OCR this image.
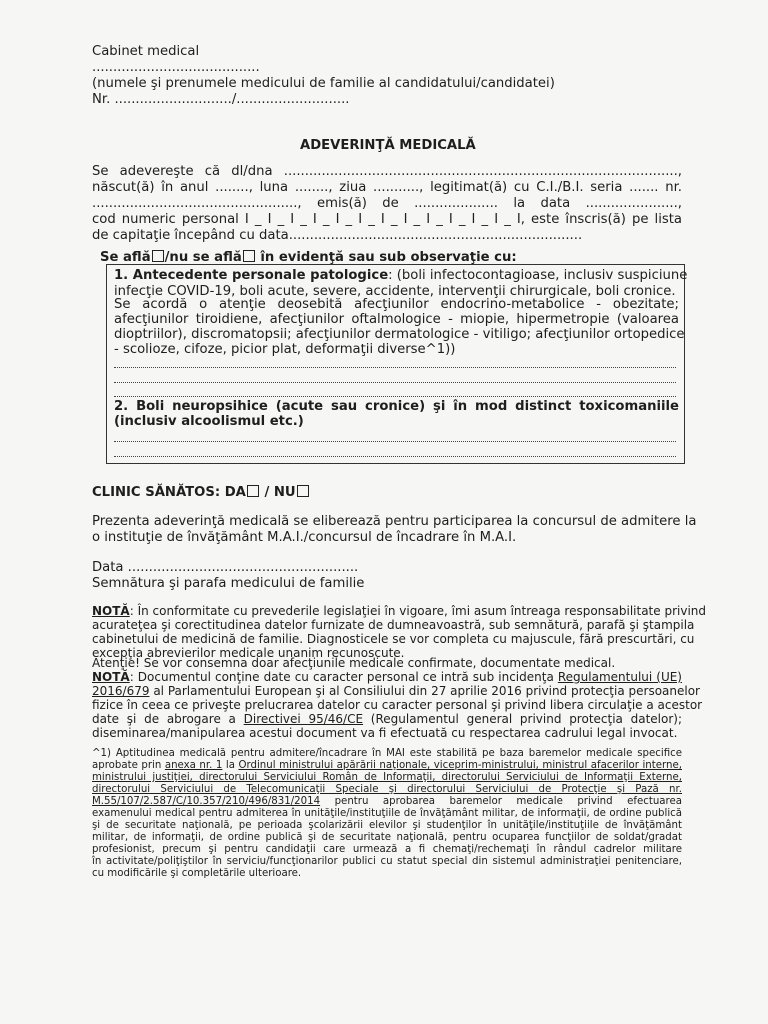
Cabinet medical
........................................
(numele şi prenumele medicului de familie al candidatului/candidatei)
Nr. ............................/...........................
ADEVERINŢĂ MEDICALĂ
Se adevereşte că dl/dna ..............................................................................................,
născut(ă) în anul ........, luna ........, ziua ..........., legitimat(ă) cu C.I./B.I. seria ....... nr.
................................................., emis(ă) de .................... la data ......................,
cod numeric personal I _ I _ I _ I _ I _ I _ I _ I _ I _ I _ I _ I _ I, este înscris(ă) pe lista
de capitaţie începând cu data......................................................................
Se află /nu se află în evidenţă sau sub observaţie cu:
1. Antecedente personale patologice: (boli infectocontagioase, inclusiv suspiciune
infecţie COVID-19, boli acute, severe, accidente, intervenţii chirurgicale, boli cronice.
Se acordă o atenţie deosebită afecţiunilor endocrino-metabolice - obezitate;
afecţiunilor tiroidiene, afecţiunilor oftalmologice - miopie, hipermetropie (valoarea
dioptriilor), discromatopsii; afecţiunilor dermatologice - vitiligo; afecţiunilor ortopedice
- scolioze, cifoze, picior plat, deformaţii diverse^1))
2. Boli neuropsihice (acute sau cronice) şi în mod distinct toxicomaniile
(inclusiv alcoolismul etc.)
CLINIC SĂNĂTOS: DA / NU
Prezenta adeverinţă medicală se eliberează pentru participarea la concursul de admitere la
o instituţie de învăţământ M.A.I./concursul de încadrare în M.A.I.
Data .......................................................
Semnătura şi parafa medicului de familie
NOTĂ: În conformitate cu prevederile legislaţiei în vigoare, îmi asum întreaga responsabilitate privind
acurateţea şi corectitudinea datelor furnizate de dumneavoastră, sub semnătură, parafă şi ştampila
cabinetului de medicină de familie. Diagnosticele se vor completa cu majuscule, fără prescurtări, cu
excepţia abrevierilor medicale unanim recunoscute.
Atenţie! Se vor consemna doar afecţiunile medicale confirmate, documentate medical.
NOTĂ: Documentul conţine date cu caracter personal ce intră sub incidenţa Regulamentului (UE)
2016/679 al Parlamentului European şi al Consiliului din 27 aprilie 2016 privind protecţia persoanelor
fizice în ceea ce priveşte prelucrarea datelor cu caracter personal şi privind libera circulaţie a acestor
date şi de abrogare a Directivei 95/46/CE (Regulamentul general privind protecţia datelor);
diseminarea/manipularea acestui document va fi efectuată cu respectarea cadrului legal invocat.
^1) Aptitudinea medicală pentru admitere/încadrare în MAI este stabilită pe baza baremelor medicale specifice
aprobate prin anexa nr. 1 la Ordinul ministrului apărării naţionale, viceprim-ministrului, ministrul afacerilor interne,
ministrului justiţiei, directorului Serviciului Român de Informaţii, directorului Serviciului de Informaţii Externe,
directorului Serviciului de Telecomunicaţii Speciale şi directorului Serviciului de Protecţie şi Pază nr.
M.55/107/2.587/C/10.357/210/496/831/2014 pentru aprobarea baremelor medicale privind efectuarea
examenului medical pentru admiterea în unităţile/instituţiile de învăţământ militar, de informaţii, de ordine publică
şi de securitate naţională, pe perioada şcolarizării elevilor şi studenţilor în unităţile/instituţiile de învăţământ
militar, de informaţii, de ordine publică şi de securitate naţională, pentru ocuparea funcţiilor de soldat/gradat
profesionist, precum şi pentru candidaţii care urmează a fi chemaţi/rechemaţi în rândul cadrelor militare
în activitate/poliţiştilor în serviciu/funcţionarilor publici cu statut special din sistemul administraţiei penitenciare,
cu modificările şi completările ulterioare.
